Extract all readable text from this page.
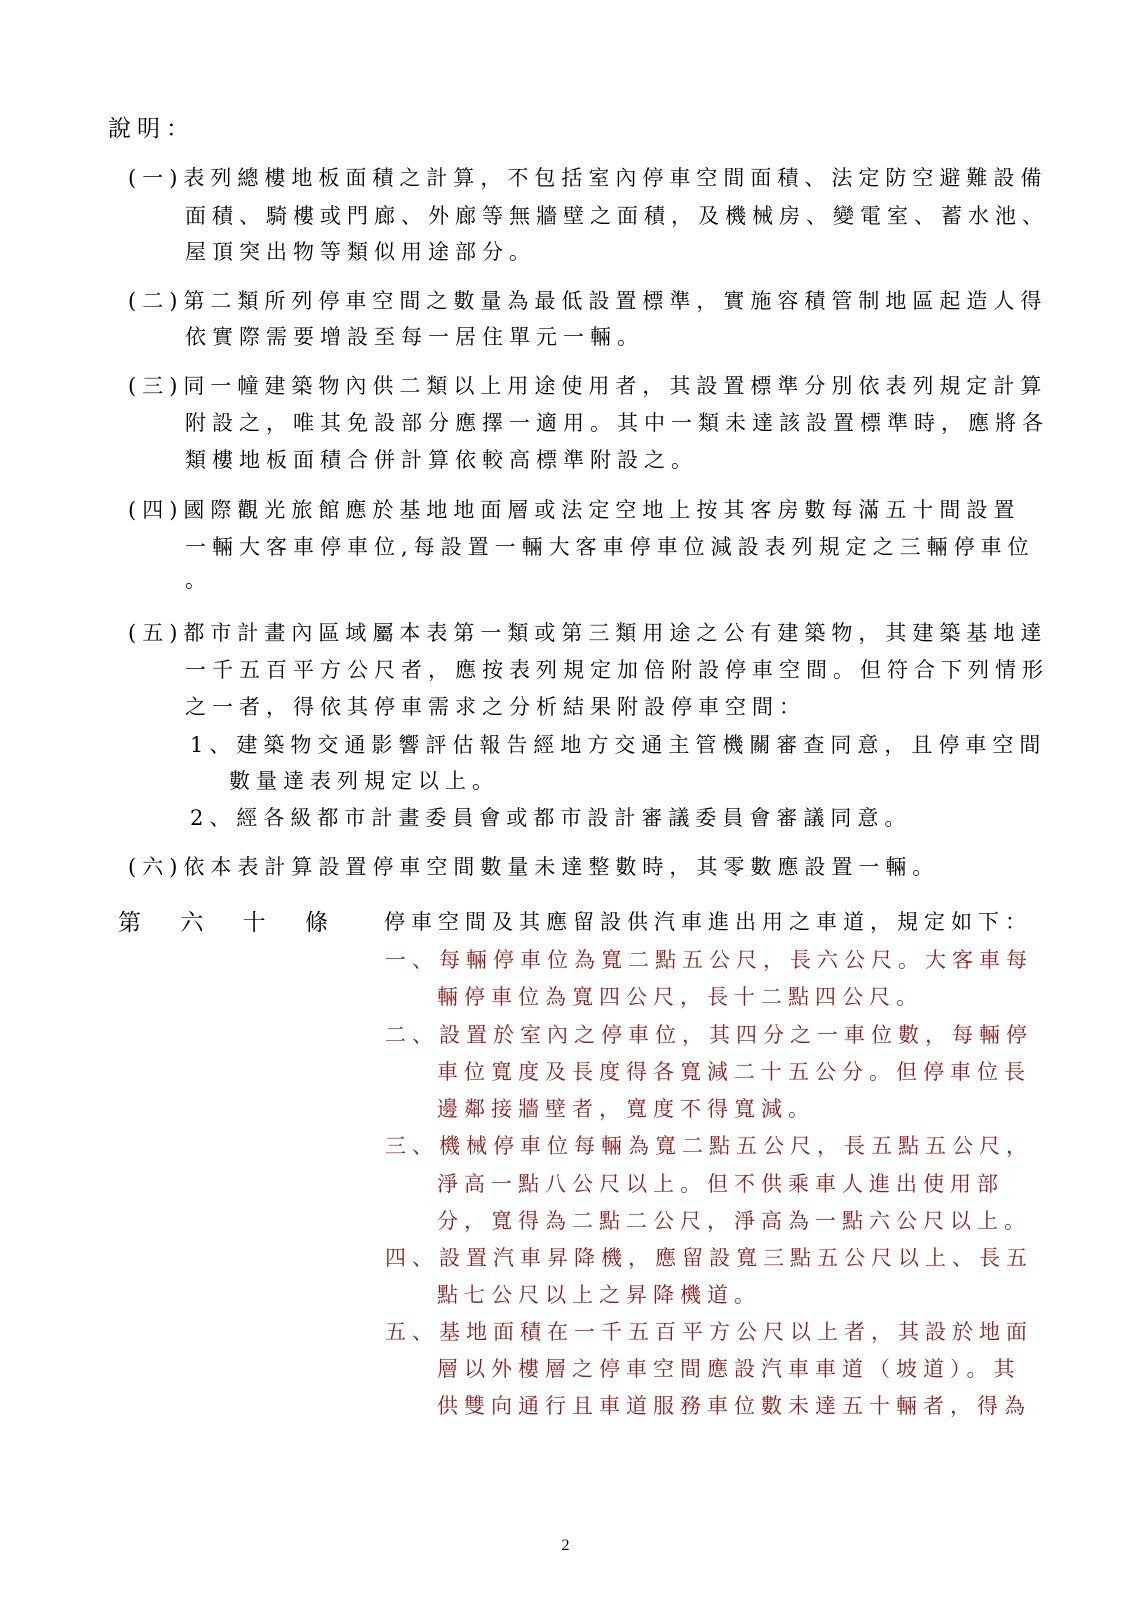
說明：
(一)表列總樓地板面積之計算，不包括室內停車空間面積、法定防空避難設備
面積、騎樓或門廊、外廊等無牆壁之面積，及機械房、變電室、蓄水池、
屋頂突出物等類似用途部分。
(二)第二類所列停車空間之數量為最低設置標準，實施容積管制地區起造人得
依實際需要增設至每一居住單元一輛。
(三)同一幢建築物內供二類以上用途使用者，其設置標準分別依表列規定計算
附設之，唯其免設部分應擇一適用。其中一類未達該設置標準時，應將各
類樓地板面積合併計算依較高標準附設之。
(四)國際觀光旅館應於基地地面層或法定空地上按其客房數每滿五十間設置
一輛大客車停車位,每設置一輛大客車停車位減設表列規定之三輛停車位
。
(五)都市計畫內區域屬本表第一類或第三類用途之公有建築物，其建築基地達
一千五百平方公尺者，應按表列規定加倍附設停車空間。但符合下列情形
之一者，得依其停車需求之分析結果附設停車空間：
1、建築物交通影響評估報告經地方交通主管機關審查同意，且停車空間
數量達表列規定以上。
2、經各級都市計畫委員會或都市設計審議委員會審議同意。
(六)依本表計算設置停車空間數量未達整數時，其零數應設置一輛。
第 六 十 條	停車空間及其應留設供汽車進出用之車道，規定如下：
一、每輛停車位為寬二點五公尺，長六公尺。大客車每
輛停車位為寬四公尺，長十二點四公尺。
二、設置於室內之停車位，其四分之一車位數，每輛停
車位寬度及長度得各寬減二十五公分。但停車位長
邊鄰接牆壁者，寬度不得寬減。
三、機械停車位每輛為寬二點五公尺，長五點五公尺，
淨高一點八公尺以上。但不供乘車人進出使用部
分，寬得為二點二公尺，淨高為一點六公尺以上。
四、設置汽車昇降機，應留設寬三點五公尺以上、長五
點七公尺以上之昇降機道。
五、基地面積在一千五百平方公尺以上者，其設於地面
層以外樓層之停車空間應設汽車車道（坡道）。其
供雙向通行且車道服務車位數未達五十輛者，得為
2
